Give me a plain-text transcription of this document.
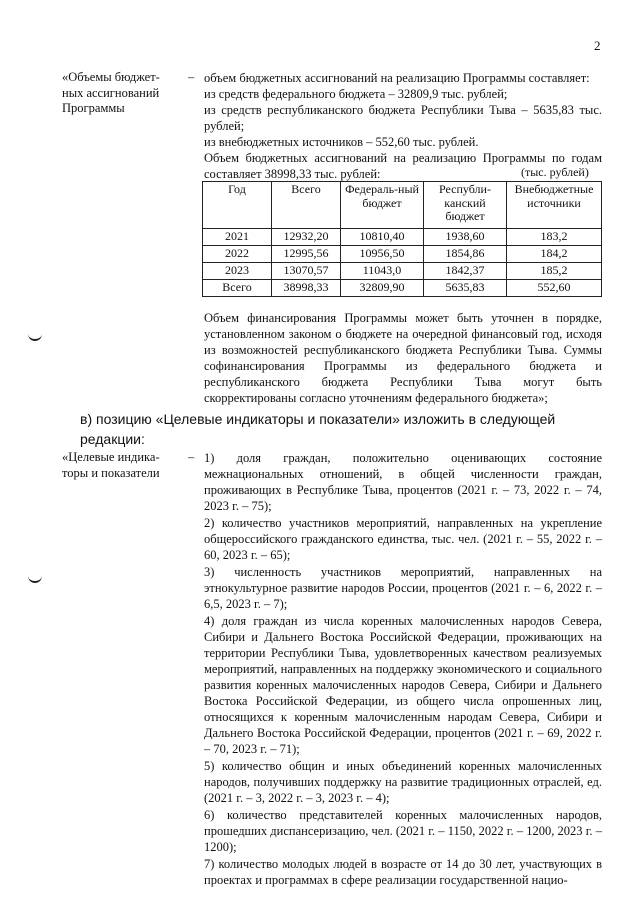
2
«Объемы бюджет-
ных ассигнований
Программы
– объем бюджетных ассигнований на реализацию Программы составляет:

из средств федерального бюджета – 32809,9 тыс. рублей;

из средств республиканского бюджета Республики Тыва – 5635,83 тыс. рублей;

из внебюджетных источников – 552,60 тыс. рублей.

Объем бюджетных ассигнований на реализацию Программы по годам составляет 38998,33 тыс. рублей:	(тыс. рублей)
Год	Всего	Федераль-ный бюджет	Республи-канский бюджет	Внебюджетные источники
2021	12932,20	10810,40	1938,60	183,2
2022	12995,56	10956,50	1854,86	184,2
2023	13070,57	11043,0	1842,37	185,2
Всего	38998,33	32809,90	5635,83	552,60
Объем финансирования Программы может быть уточнен в порядке, установленном законом о бюджете на очередной финансовый год, исходя из возможностей республиканского бюджета Республики Тыва. Суммы софинансирования Программы из федерального бюджета и республиканского бюджета Республики Тыва могут быть скорректированы согласно уточнениям федерального бюджета»;
в) позицию «Целевые индикаторы и показатели» изложить в следующей редакции:
«Целевые индика-
торы и показатели
– 1) доля граждан, положительно оценивающих состояние межнациональных отношений, в общей численности граждан, проживающих в Республике Тыва, процентов (2021 г. – 73, 2022 г. – 74, 2023 г. – 75);

2) количество участников мероприятий, направленных на укрепление общероссийского гражданского единства, тыс. чел. (2021 г. – 55, 2022 г. – 60, 2023 г. – 65);

3) численность участников мероприятий, направленных на этнокультурное развитие народов России, процентов (2021 г. – 6, 2022 г. – 6,5, 2023 г. – 7);

4) доля граждан из числа коренных малочисленных народов Севера, Сибири и Дальнего Востока Российской Федерации, проживающих на территории Республики Тыва, удовлетворенных качеством реализуемых мероприятий, направленных на поддержку экономического и социального развития коренных малочисленных народов Севера, Сибири и Дальнего Востока Российской Федерации, из общего числа опрошенных лиц, относящихся к коренным малочисленным народам Севера, Сибири и Дальнего Востока Российской Федерации, процентов (2021 г. – 69, 2022 г. – 70, 2023 г. – 71);

5) количество общин и иных объединений коренных малочисленных народов, получивших поддержку на развитие традиционных отраслей, ед. (2021 г. – 3, 2022 г. – 3, 2023 г. – 4);

6) количество представителей коренных малочисленных народов, прошедших диспансеризацию, чел. (2021 г. – 1150, 2022 г. – 1200, 2023 г. – 1200);

7) количество молодых людей в возрасте от 14 до 30 лет, участвующих в проектах и программах в сфере реализации государственной нацио-
